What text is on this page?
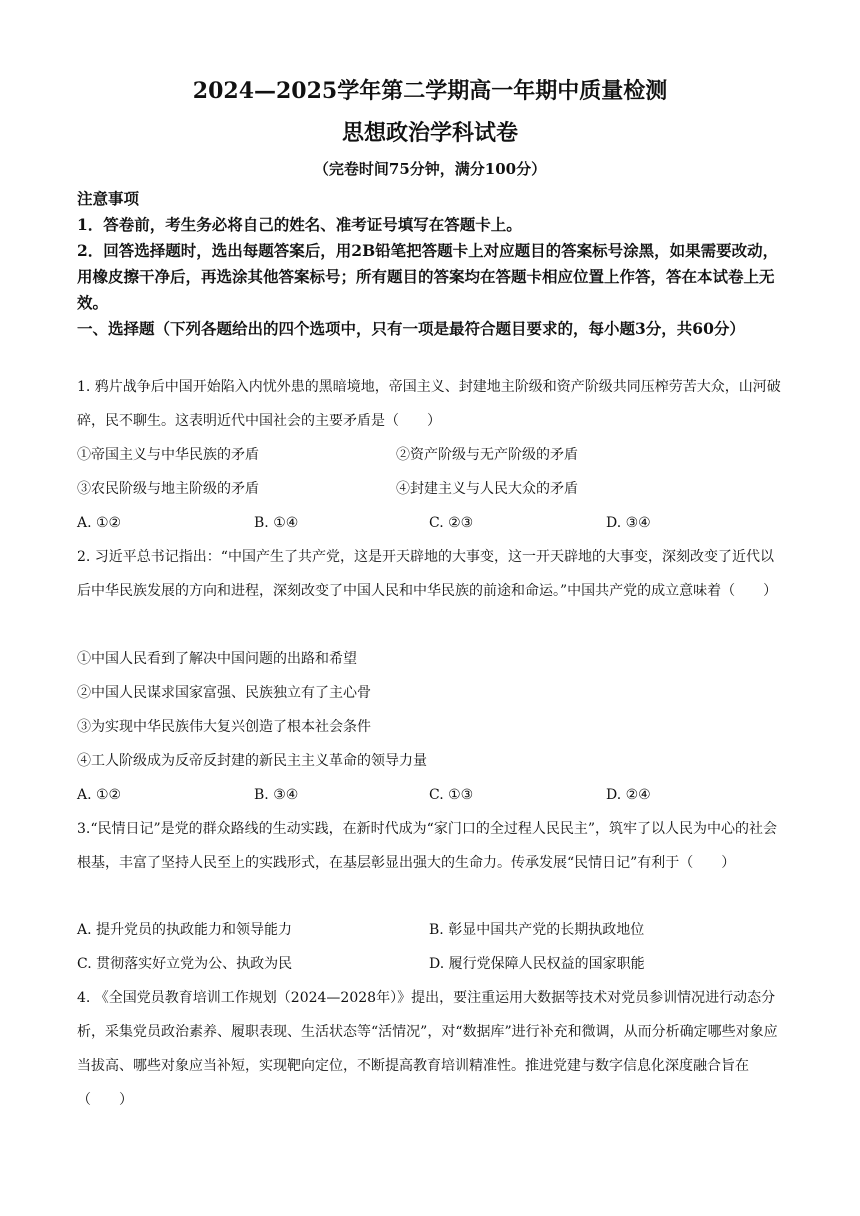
2024—2025学年第二学期高一年期中质量检测
思想政治学科试卷
（完卷时间75分钟，满分100分）
注意事项
1．答卷前，考生务必将自己的姓名、准考证号填写在答题卡上。
2．回答选择题时，选出每题答案后，用2B铅笔把答题卡上对应题目的答案标号涂黑，如果需要改动，用橡皮擦干净后，再选涂其他答案标号；所有题目的答案均在答题卡相应位置上作答，答在本试卷上无效。
一、选择题（下列各题给出的四个选项中，只有一项是最符合题目要求的，每小题3分，共60分）
1. 鸦片战争后中国开始陷入内忧外患的黑暗境地，帝国主义、封建地主阶级和资产阶级共同压榨劳苦大众，山河破碎，民不聊生。这表明近代中国社会的主要矛盾是（　　）
①帝国主义与中华民族的矛盾	②资产阶级与无产阶级的矛盾
③农民阶级与地主阶级的矛盾	④封建主义与人民大众的矛盾
A. ①②	B. ①④	C. ②③	D. ③④
2. 习近平总书记指出：“中国产生了共产党，这是开天辟地的大事变，这一开天辟地的大事变，深刻改变了近代以后中华民族发展的方向和进程，深刻改变了中国人民和中华民族的前途和命运。”中国共产党的成立意味着（　　）
①中国人民看到了解决中国问题的出路和希望
②中国人民谋求国家富强、民族独立有了主心骨
③为实现中华民族伟大复兴创造了根本社会条件
④工人阶级成为反帝反封建的新民主主义革命的领导力量
A. ①②	B. ③④	C. ①③	D. ②④
3.“民情日记”是党的群众路线的生动实践，在新时代成为“家门口的全过程人民民主”，筑牢了以人民为中心的社会根基，丰富了坚持人民至上的实践形式，在基层彰显出强大的生命力。传承发展“民情日记”有利于（　　）
A. 提升党员的执政能力和领导能力	B. 彰显中国共产党的长期执政地位
C. 贯彻落实好立党为公、执政为民	D. 履行党保障人民权益的国家职能
4. 《全国党员教育培训工作规划（2024—2028年）》提出，要注重运用大数据等技术对党员参训情况进行动态分析，采集党员政治素养、履职表现、生活状态等“活情况”，对“数据库”进行补充和微调，从而分析确定哪些对象应当拔高、哪些对象应当补短，实现靶向定位，不断提高教育培训精准性。推进党建与数字信息化深度融合旨在（　　）
